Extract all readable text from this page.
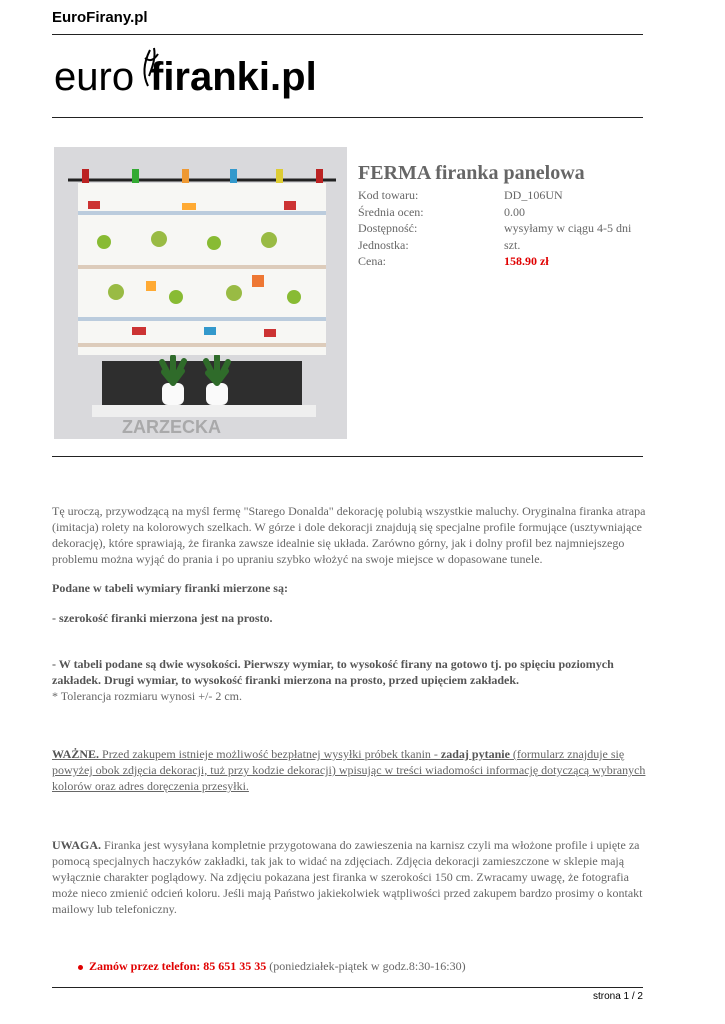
EuroFirany.pl
euro firanki.pl
ZARZECKA
FERMA firanka panelowa
Kod towaru:	DD_106UN
Średnia ocen:	0.00
Dostępność:	wysyłamy w ciągu 4-5 dni
Jednostka:	szt.
Cena:	158.90 zł
Tę uroczą, przywodzącą na myśl fermę "Starego Donalda" dekorację polubią wszystkie maluchy. Oryginalna firanka atrapa (imitacja) rolety na kolorowych szelkach. W górze i dole dekoracji znajdują się specjalne profile formujące (usztywniające dekorację), które sprawiają, że firanka zawsze idealnie się układa. Zarówno górny, jak i dolny profil bez najmniejszego problemu można wyjąć do prania i po upraniu szybko włożyć na swoje miejsce w dopasowane tunele.
Podane w tabeli wymiary firanki mierzone są:
- szerokość firanki mierzona jest na prosto.
- W tabeli podane są dwie wysokości. Pierwszy wymiar, to wysokość firany na gotowo tj. po spięciu poziomych zakładek. Drugi wymiar, to wysokość firanki mierzona na prosto, przed upięciem zakładek.
* Tolerancja rozmiaru wynosi +/- 2 cm.
WAŻNE. Przed zakupem istnieje możliwość bezpłatnej wysyłki próbek tkanin - zadaj pytanie (formularz znajduje się powyżej obok zdjęcia dekoracji, tuż przy kodzie dekoracji) wpisując w treści wiadomości informację dotyczącą wybranych kolorów oraz adres doręczenia przesyłki.
UWAGA. Firanka jest wysyłana kompletnie przygotowana do zawieszenia na karnisz czyli ma włożone profile i upięte za pomocą specjalnych haczyków zakładki, tak jak to widać na zdjęciach. Zdjęcia dekoracji zamieszczone w sklepie mają wyłącznie charakter poglądowy. Na zdjęciu pokazana jest firanka w szerokości 150 cm. Zwracamy uwagę, że fotografia może nieco zmienić odcień koloru. Jeśli mają Państwo jakiekolwiek wątpliwości przed zakupem bardzo prosimy o kontakt mailowy lub telefoniczny.
Zamów przez telefon: 85 651 35 35 (poniedziałek-piątek w godz.8:30-16:30)
strona 1 / 2
